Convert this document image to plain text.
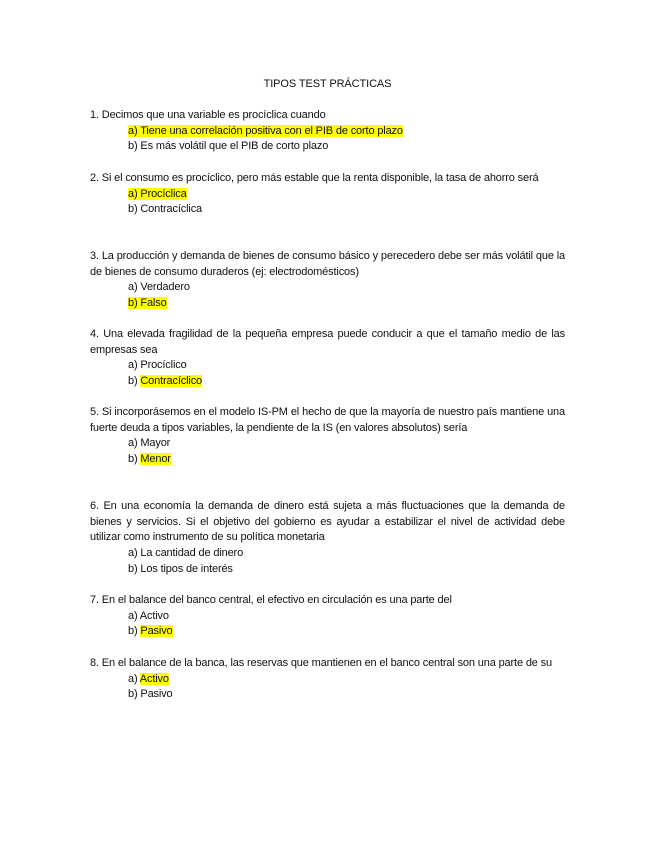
TIPOS TEST PRÁCTICAS

1. Decimos que una variable es procíclica cuando

a) Tiene una correlación positiva con el PIB de corto plazo

b) Es más volátil que el PIB de corto plazo

2. Si el consumo es procíclico, pero más estable que la renta disponible, la tasa de ahorro será

a) Procíclica

b) Contracíclica

3. La producción y demanda de bienes de consumo básico y perecedero debe ser más volátil que la de bienes de consumo duraderos (ej: electrodomésticos)

a) Verdadero

b) Falso

4. Una elevada fragilidad de la pequeña empresa puede conducir a que el tamaño medio de las empresas sea

a) Procíclico

b) Contracíclico

5. Si incorporásemos en el modelo IS-PM el hecho de que la mayoría de nuestro país mantiene una fuerte deuda a tipos variables, la pendiente de la IS (en valores absolutos) sería

a) Mayor

b) Menor

6. En una economía la demanda de dinero está sujeta a más fluctuaciones que la demanda de bienes y servicios. Si el objetivo del gobierno es ayudar a estabilizar el nivel de actividad debe utilizar como instrumento de su política monetaria

a) La cantidad de dinero

b) Los tipos de interés

7. En el balance del banco central, el efectivo en circulación es una parte del

a) Activo

b) Pasivo

8. En el balance de la banca, las reservas que mantienen en el banco central son una parte de su

a) Activo

b) Pasivo
